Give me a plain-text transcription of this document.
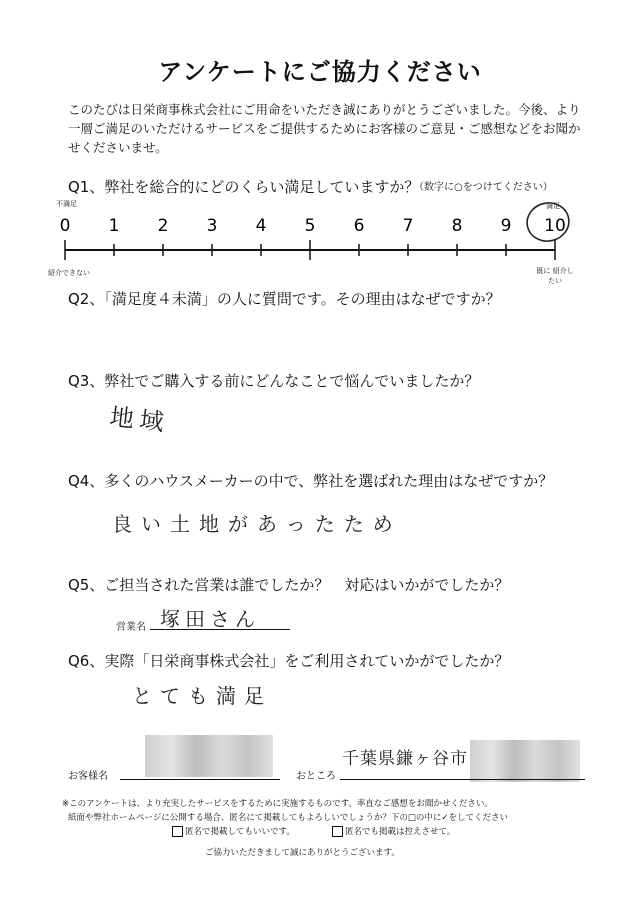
アンケートにご協力ください
このたびは日栄商事株式会社にご用命をいただき誠にありがとうございました。今後、より一層ご満足のいただけるサービスをご提供するためにお客様のご意見・ご感想などをお聞かせくださいませ。
Q1、弊社を総合的にどのくらい満足していますか？
（数字に○をつけてください）
不満足	満足
0 1 2 3 4 5 6 7 8 9 10
紹介できない	既に 紹介したい
Q2、「満足度４未満」の人に質問です。その理由はなぜですか？
Q3、弊社でご購入する前にどんなことで悩んでいましたか？
地域
Q4、多くのハウスメーカーの中で、弊社を選ばれた理由はなぜですか？
良い土地があったため
Q5、ご担当された営業は誰でしたか？　対応はいかがでしたか？
営業名 塚田さん
Q6、実際「日栄商事株式会社」をご利用されていかがでしたか？
とても満足
お客様名	おところ
千葉県鎌ヶ谷市
※このアンケートは、より充実したサービスをするために実施するものです。率直なご感想をお聞かせください。
紙面や弊社ホームページに公開する場合、匿名にて掲載してもよろしいでしょうか？下の□の中に✓をしてください
匿名で掲載してもいいです。	匿名でも掲載は控えさせて。
ご協力いただきまして誠にありがとうございます。
